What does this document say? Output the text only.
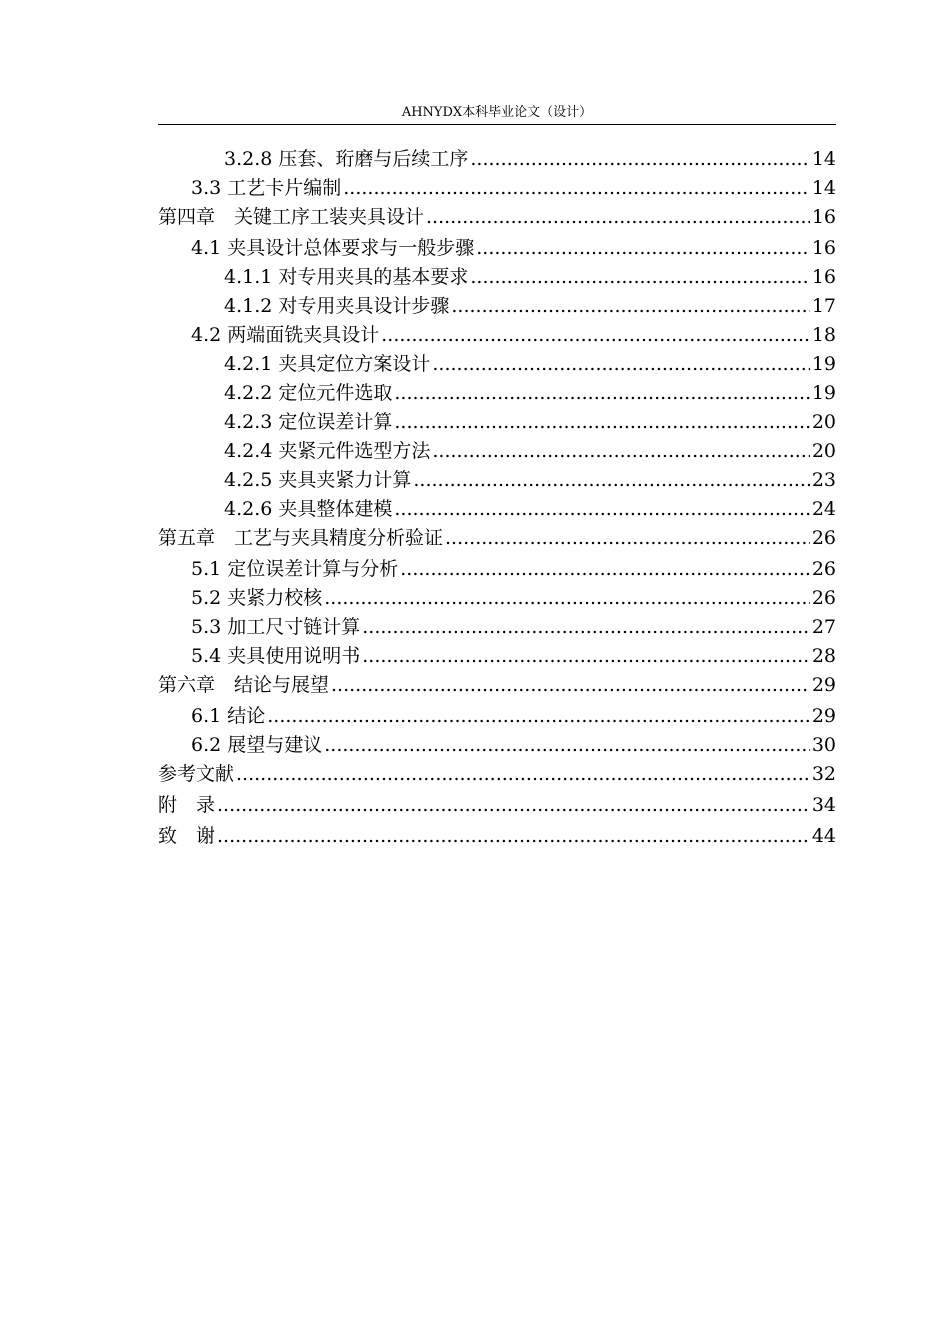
AHNYDX本科毕业论文（设计）
3.2.8 压套、珩磨与后续工序 .....	14
3.3 工艺卡片编制 .....	14
第四章　关键工序工装夹具设计 .....	16
4.1 夹具设计总体要求与一般步骤 .....	16
4.1.1 对专用夹具的基本要求 .....	16
4.1.2 对专用夹具设计步骤 .....	17
4.2 两端面铣夹具设计 .....	18
4.2.1 夹具定位方案设计 .....	19
4.2.2 定位元件选取 .....	19
4.2.3 定位误差计算 .....	20
4.2.4 夹紧元件选型方法 .....	20
4.2.5 夹具夹紧力计算 .....	23
4.2.6 夹具整体建模 .....	24
第五章　工艺与夹具精度分析验证 .....	26
5.1 定位误差计算与分析 .....	26
5.2 夹紧力校核 .....	26
5.3 加工尺寸链计算 .....	27
5.4 夹具使用说明书 .....	28
第六章　结论与展望 .....	29
6.1 结论 .....	29
6.2 展望与建议 .....	30
参考文献 .....	32
附　录 .....	34
致　谢 .....	44
